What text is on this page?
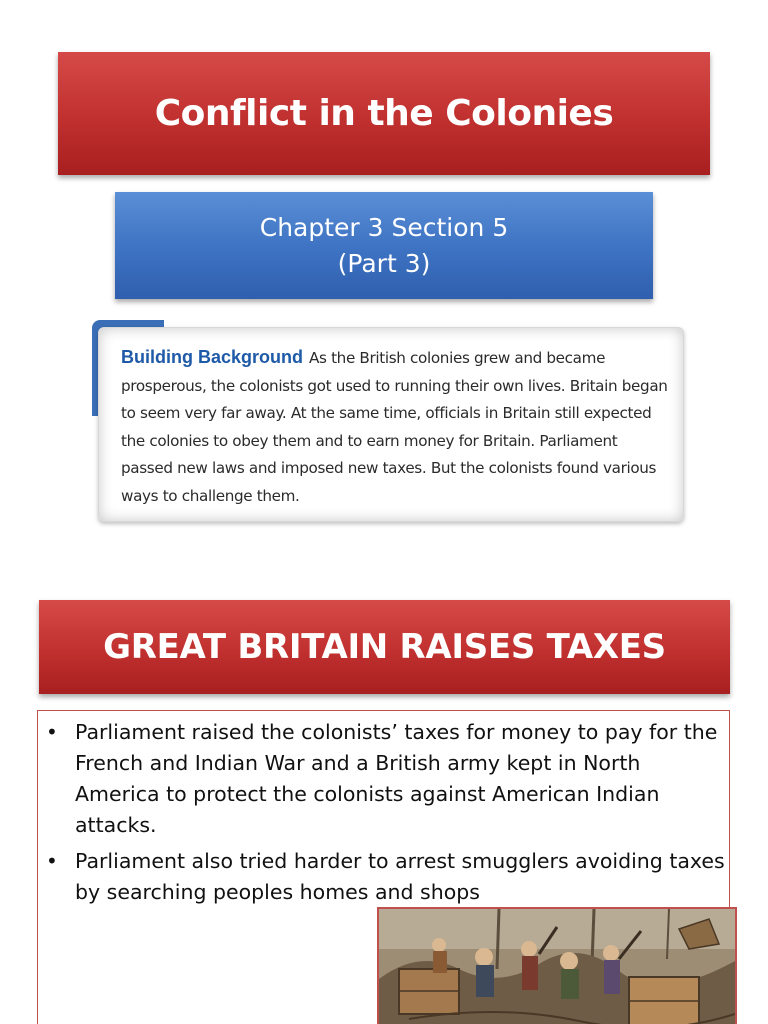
Conflict in the Colonies
Chapter 3 Section 5
(Part 3)
Building Background As the British colonies grew and became prosperous, the colonists got used to running their own lives. Britain began to seem very far away. At the same time, officials in Britain still expected the colonies to obey them and to earn money for Britain. Parliament passed new laws and imposed new taxes. But the colonists found various ways to challenge them.
GREAT BRITAIN RAISES TAXES
• Parliament raised the colonists’ taxes for money to pay for the French and Indian War and a British army kept in North America to protect the colonists against American Indian attacks.
• Parliament also tried harder to arrest smugglers avoiding taxes by searching peoples homes and shops
